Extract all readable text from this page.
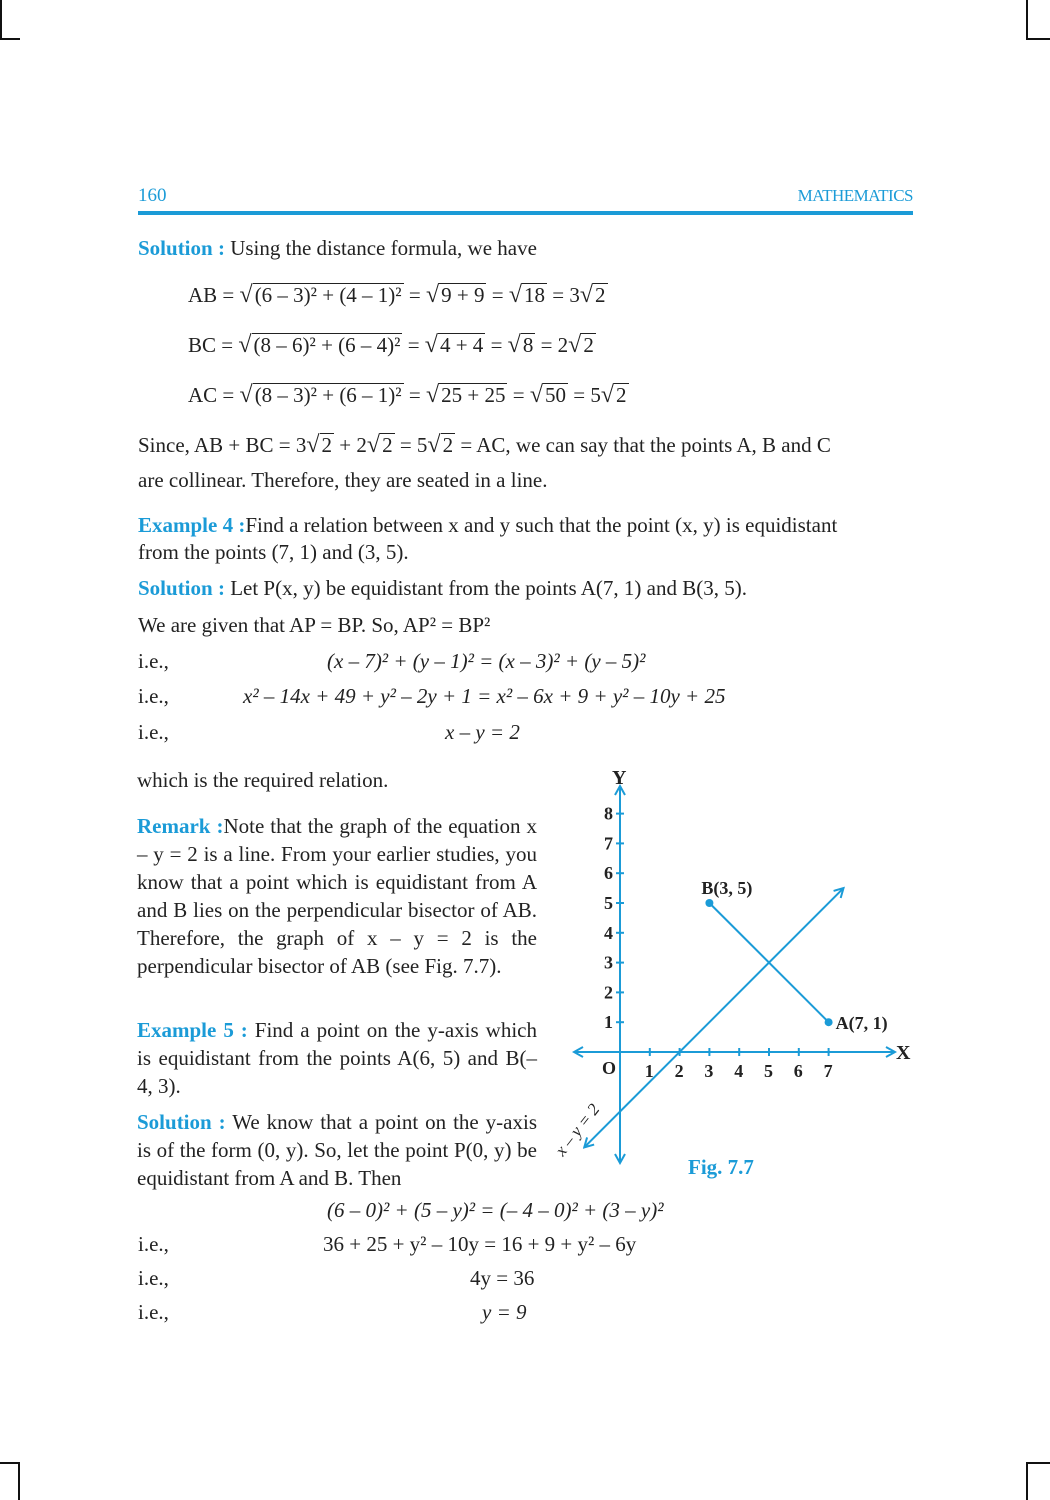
160	MATHEMATICS
Solution : Using the distance formula, we have
AB = √(6 – 3)² + (4 – 1)² = √9 + 9 = √18 = 3√2
BC = √(8 – 6)² + (6 – 4)² = √4 + 4 = √8 = 2√2
AC = √(8 – 3)² + (6 – 1)² = √25 + 25 = √50 = 5√2
Since, AB + BC = 3√2 + 2√2 = 5√2 = AC, we can say that the points A, B and C
are collinear. Therefore, they are seated in a line.
Example 4 :Find a relation between x and y such that the point (x, y) is equidistant
from the points (7, 1) and (3, 5).
Solution : Let P(x, y) be equidistant from the points A(7, 1) and B(3, 5).
We are given that AP = BP. So, AP² = BP²
i.e.,	(x – 7)² + (y – 1)² = (x – 3)² + (y – 5)²
i.e.,	x² – 14x + 49 + y² – 2y + 1 = x² – 6x + 9 + y² – 10y + 25
i.e.,	x – y = 2
which is the required relation.
Remark :Note that the graph of the equation x – y = 2 is a line. From your earlier studies, you know that a point which is equidistant from A and B lies on the perpendicular bisector of AB. Therefore, the graph of x – y = 2 is the perpendicular bisector of AB (see Fig. 7.7).
Example 5 : Find a point on the y-axis which is equidistant from the points A(6, 5) and B(– 4, 3).
Solution : We know that a point on the y-axis is of the form (0, y). So, let the point P(0, y) be equidistant from A and B. Then
(6 – 0)² + (5 – y)² = (– 4 – 0)² + (3 – y)²
i.e.,	36 + 25 + y² – 10y = 16 + 9 + y² – 6y
i.e.,	4y = 36
i.e.,	y = 9
1 2 3 4 5 6 7
1
2
3
4
5
6
7
8
X
Y
O
A(7, 1)
B(3, 5)
x – y = 2
Fig. 7.7
